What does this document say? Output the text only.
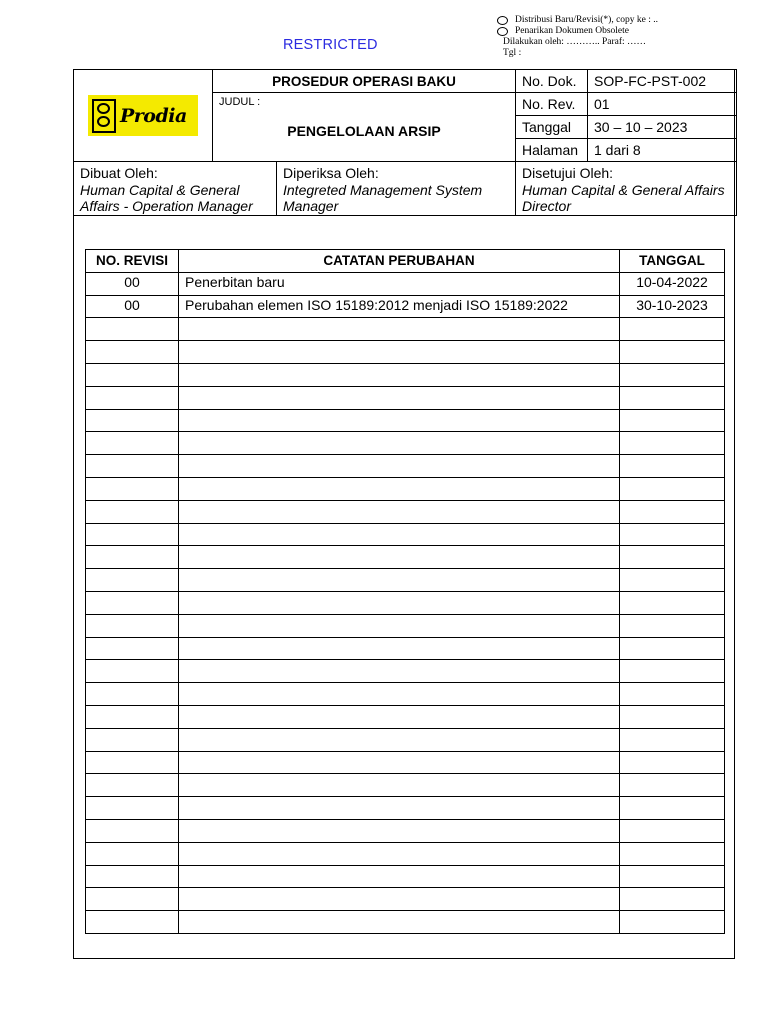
Distribusi Baru/Revisi(*), copy ke : ..
Penarikan Dokumen Obsolete
Dilakukan oleh: ……….. Paraf: ……
Tgl :
RESTRICTED
Prodia	PROSEDUR OPERASI BAKU	No. Dok.	SOP-FC-PST-002

	JUDUL :
PENGELOLAAN ARSIP	No. Rev.	01
		Tanggal	30 – 10 – 2023
		Halaman	1 dari 8
Dibuat Oleh:
Human Capital & General Affairs - Operation Manager

Diperiksa Oleh:
Integreted Management System Manager

Disetujui Oleh:
Human Capital & General Affairs Director
NO. REVISI	CATATAN PERUBAHAN	TANGGAL
00	Penerbitan baru	10-04-2022
00	Perubahan elemen ISO 15189:2012 menjadi ISO 15189:2022	30-10-2023
